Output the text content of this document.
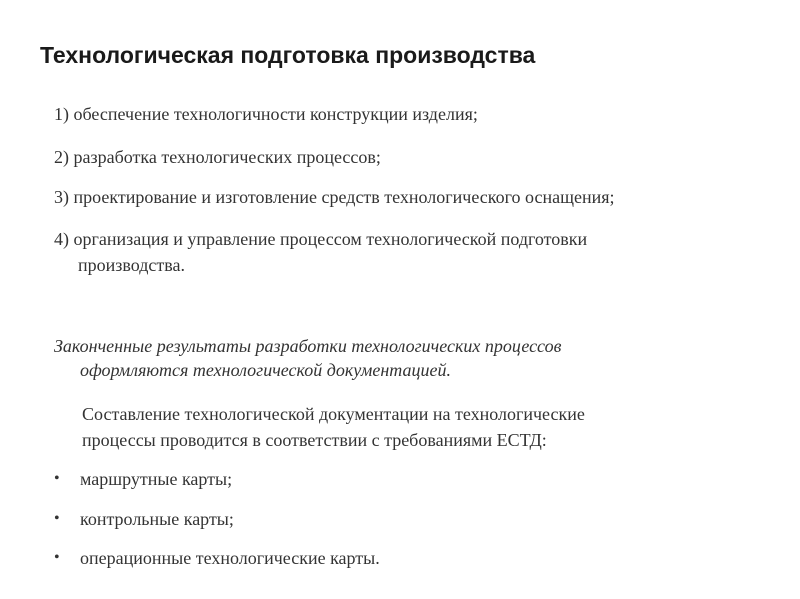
Технологическая подготовка производства
1) обеспечение технологичности конструкции изделия;
2) разработка технологических процессов;
3) проектирование и изготовление средств технологического оснащения;
4) организация и управление процессом технологической подготовки
производства.
Законченные результаты разработки технологических процессов
оформляются технологической документацией.
Составление технологической документации на технологические
процессы проводится в соответствии с требованиями ЕСТД:
• маршрутные карты;
• контрольные карты;
• операционные технологические карты.
